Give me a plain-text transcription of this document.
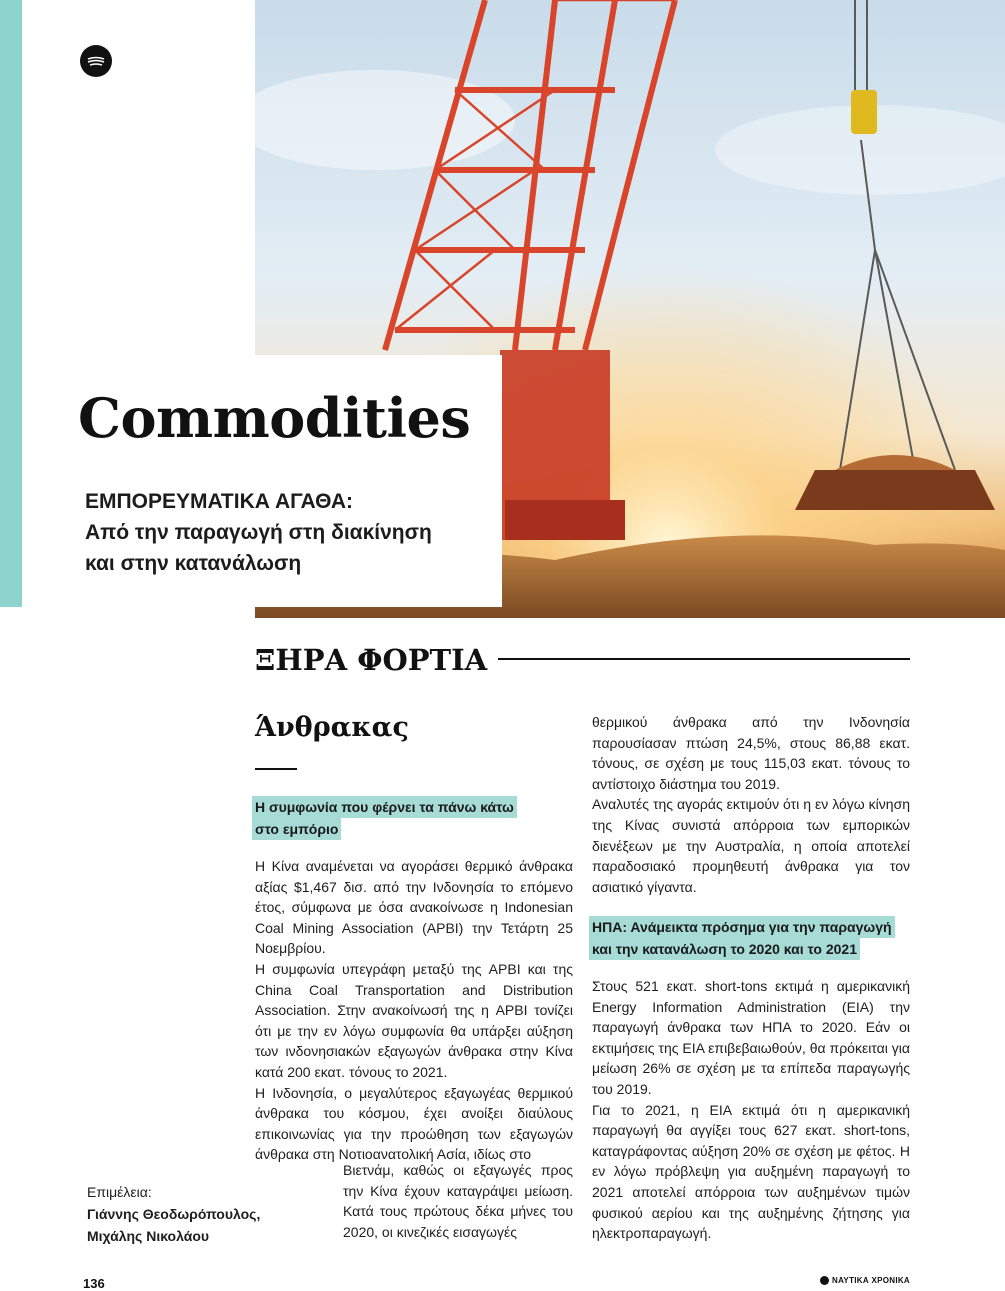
Commodities
ΕΜΠΟΡΕΥΜΑΤΙΚΑ ΑΓΑΘΑ:
Από την παραγωγή στη διακίνηση
και στην κατανάλωση
ΞΗΡΑ ΦΟΡΤΙΑ
Άνθρακας
Η συμφωνία που φέρνει τα πάνω κάτω
στο εμπόριο

Η Κίνα αναμένεται να αγοράσει θερμικό άνθρακα αξίας $1,467 δισ. από την Ινδονησία το επόμενο έτος, σύμφωνα με όσα ανακοίνωσε η Indonesian Coal Mining Association (APBI) την Τετάρτη 25 Νοεμβρίου.

Η συμφωνία υπεγράφη μεταξύ της APBI και της China Coal Transportation and Distribution Association. Στην ανακοίνωσή της η APBI τονίζει ότι με την εν λόγω συμφωνία θα υπάρξει αύξηση των ινδονησιακών εξαγωγών άνθρακα στην Κίνα κατά 200 εκατ. τόνους το 2021.

Η Ινδονησία, ο μεγαλύτερος εξαγωγέας θερμικού άνθρακα του κόσμου, έχει ανοίξει διαύλους επικοινωνίας για την προώθηση των εξαγωγών άνθρακα στη Νοτιοανατολική Ασία, ιδίως στο

Βιετνάμ, καθώς οι εξαγωγές προς την Κίνα έχουν καταγράψει μείωση. Κατά τους πρώτους δέκα μήνες του 2020, οι κινεζικές εισαγωγές

θερμικού άνθρακα από την Ινδονησία παρουσίασαν πτώση 24,5%, στους 86,88 εκατ. τόνους, σε σχέση με τους 115,03 εκατ. τόνους το αντίστοιχο διάστημα του 2019.

Αναλυτές της αγοράς εκτιμούν ότι η εν λόγω κίνηση της Κίνας συνιστά απόρροια των εμπορικών διενέξεων με την Αυστραλία, η οποία αποτελεί παραδοσιακό προμηθευτή άνθρακα για τον ασιατικό γίγαντα.

ΗΠΑ: Ανάμεικτα πρόσημα για την παραγωγή
και την κατανάλωση το 2020 και το 2021

Στους 521 εκατ. short-tons εκτιμά η αμερικανική Energy Information Administration (EIA) την παραγωγή άνθρακα των ΗΠΑ το 2020. Εάν οι εκτιμήσεις της EIA επιβεβαιωθούν, θα πρόκειται για μείωση 26% σε σχέση με τα επίπεδα παραγωγής του 2019.

Για το 2021, η EIA εκτιμά ότι η αμερικανική παραγωγή θα αγγίξει τους 627 εκατ. short-tons, καταγράφοντας αύξηση 20% σε σχέση με φέτος. Η εν λόγω πρόβλεψη για αυξημένη παραγωγή το 2021 αποτελεί απόρροια των αυξημένων τιμών φυσικού αερίου και της αυξημένης ζήτησης για ηλεκτροπαραγωγή.

Επιμέλεια:
Γιάννης Θεοδωρόπουλος,
Μιχάλης Νικολάου
136	ΝΑΥΤΙΚΑ ΧΡΟΝΙΚΑ
